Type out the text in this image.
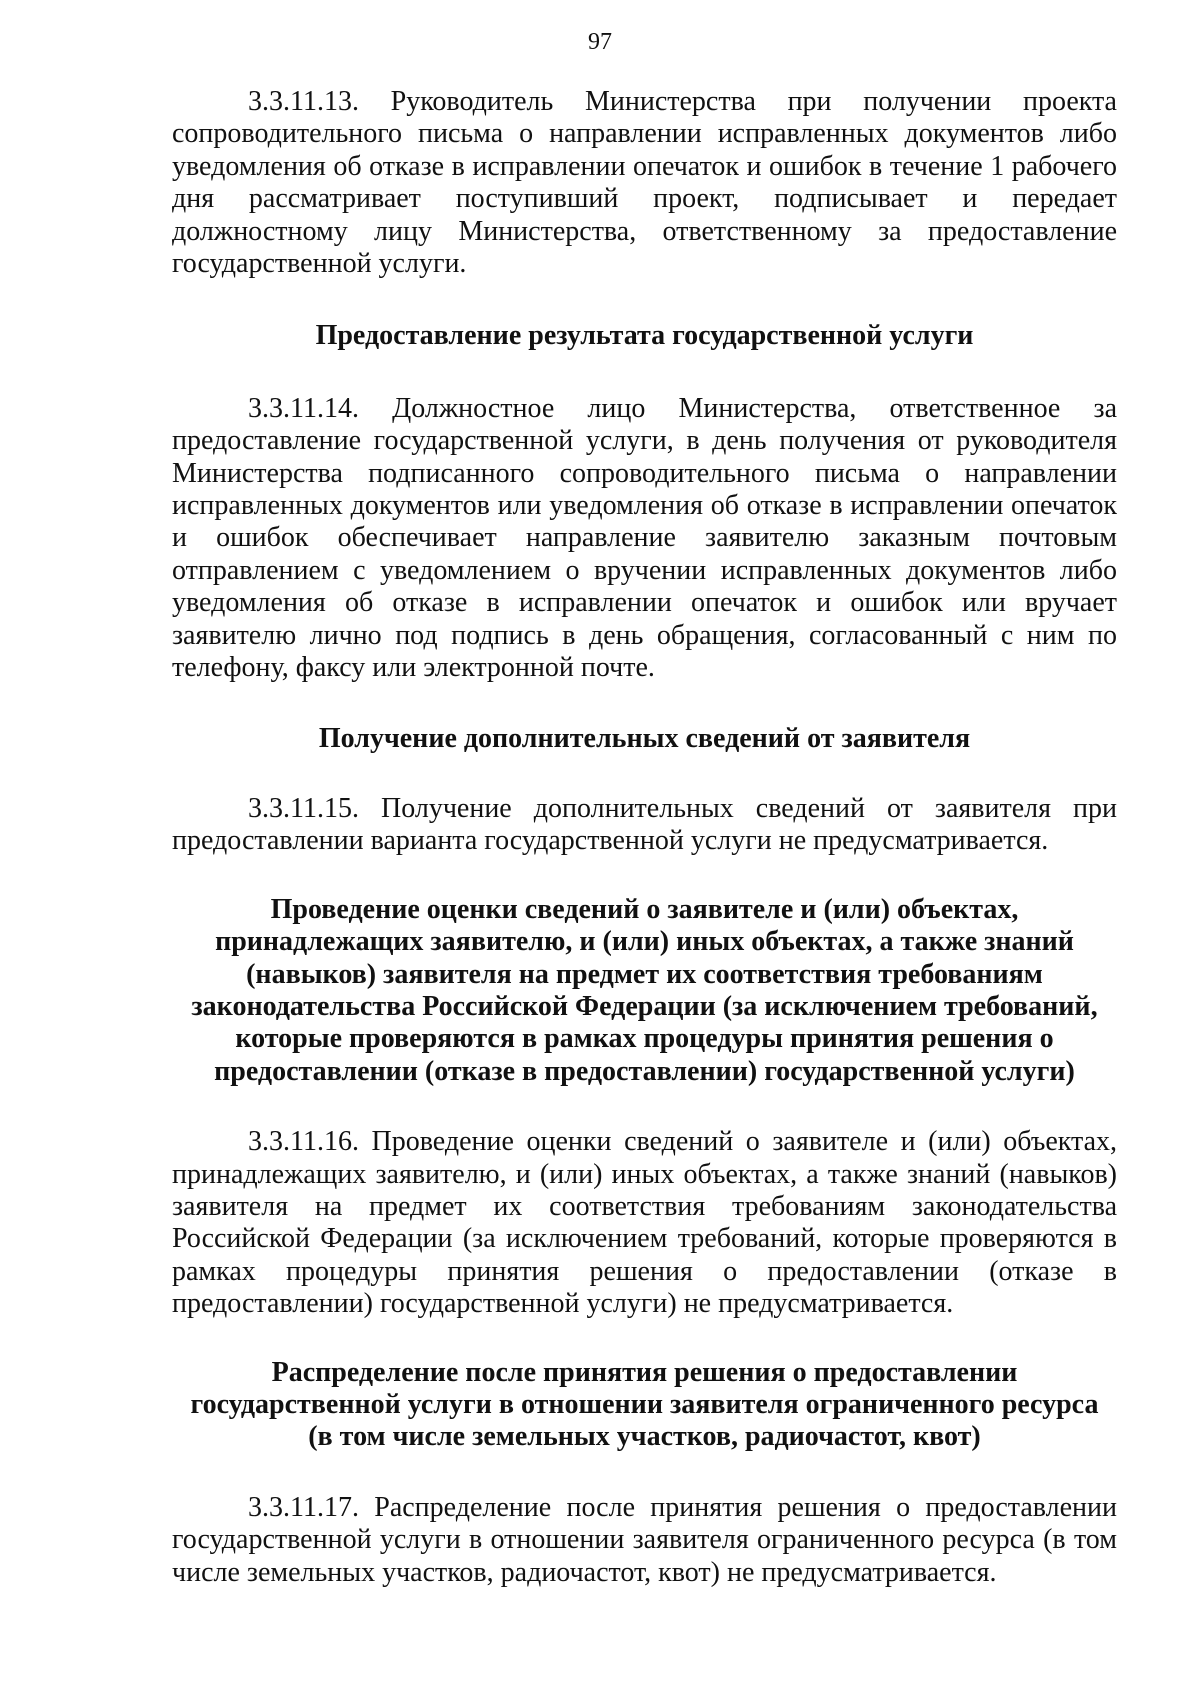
97

3.3.11.13. Руководитель Министерства при получении проекта сопроводительного письма о направлении исправленных документов либо уведомления об отказе в исправлении опечаток и ошибок в течение 1 рабочего дня рассматривает поступивший проект, подписывает и передает должностному лицу Министерства, ответственному за предоставление государственной услуги.

Предоставление результата государственной услуги

3.3.11.14. Должностное лицо Министерства, ответственное за предоставление государственной услуги, в день получения от руководителя Министерства подписанного сопроводительного письма о направлении исправленных документов или уведомления об отказе в исправлении опечаток и ошибок обеспечивает направление заявителю заказным почтовым отправлением с уведомлением о вручении исправленных документов либо уведомления об отказе в исправлении опечаток и ошибок или вручает заявителю лично под подпись в день обращения, согласованный с ним по телефону, факсу или электронной почте.

Получение дополнительных сведений от заявителя

3.3.11.15. Получение дополнительных сведений от заявителя при предоставлении варианта государственной услуги не предусматривается.

Проведение оценки сведений о заявителе и (или) объектах,
принадлежащих заявителю, и (или) иных объектах, а также знаний
(навыков) заявителя на предмет их соответствия требованиям
законодательства Российской Федерации (за исключением требований,
которые проверяются в рамках процедуры принятия решения о
предоставлении (отказе в предоставлении) государственной услуги)

3.3.11.16. Проведение оценки сведений о заявителе и (или) объектах, принадлежащих заявителю, и (или) иных объектах, а также знаний (навыков) заявителя на предмет их соответствия требованиям законодательства Российской Федерации (за исключением требований, которые проверяются в рамках процедуры принятия решения о предоставлении (отказе в предоставлении) государственной услуги) не предусматривается.

Распределение после принятия решения о предоставлении
государственной услуги в отношении заявителя ограниченного ресурса
(в том числе земельных участков, радиочастот, квот)

3.3.11.17. Распределение после принятия решения о предоставлении государственной услуги в отношении заявителя ограниченного ресурса (в том числе земельных участков, радиочастот, квот) не предусматривается.
